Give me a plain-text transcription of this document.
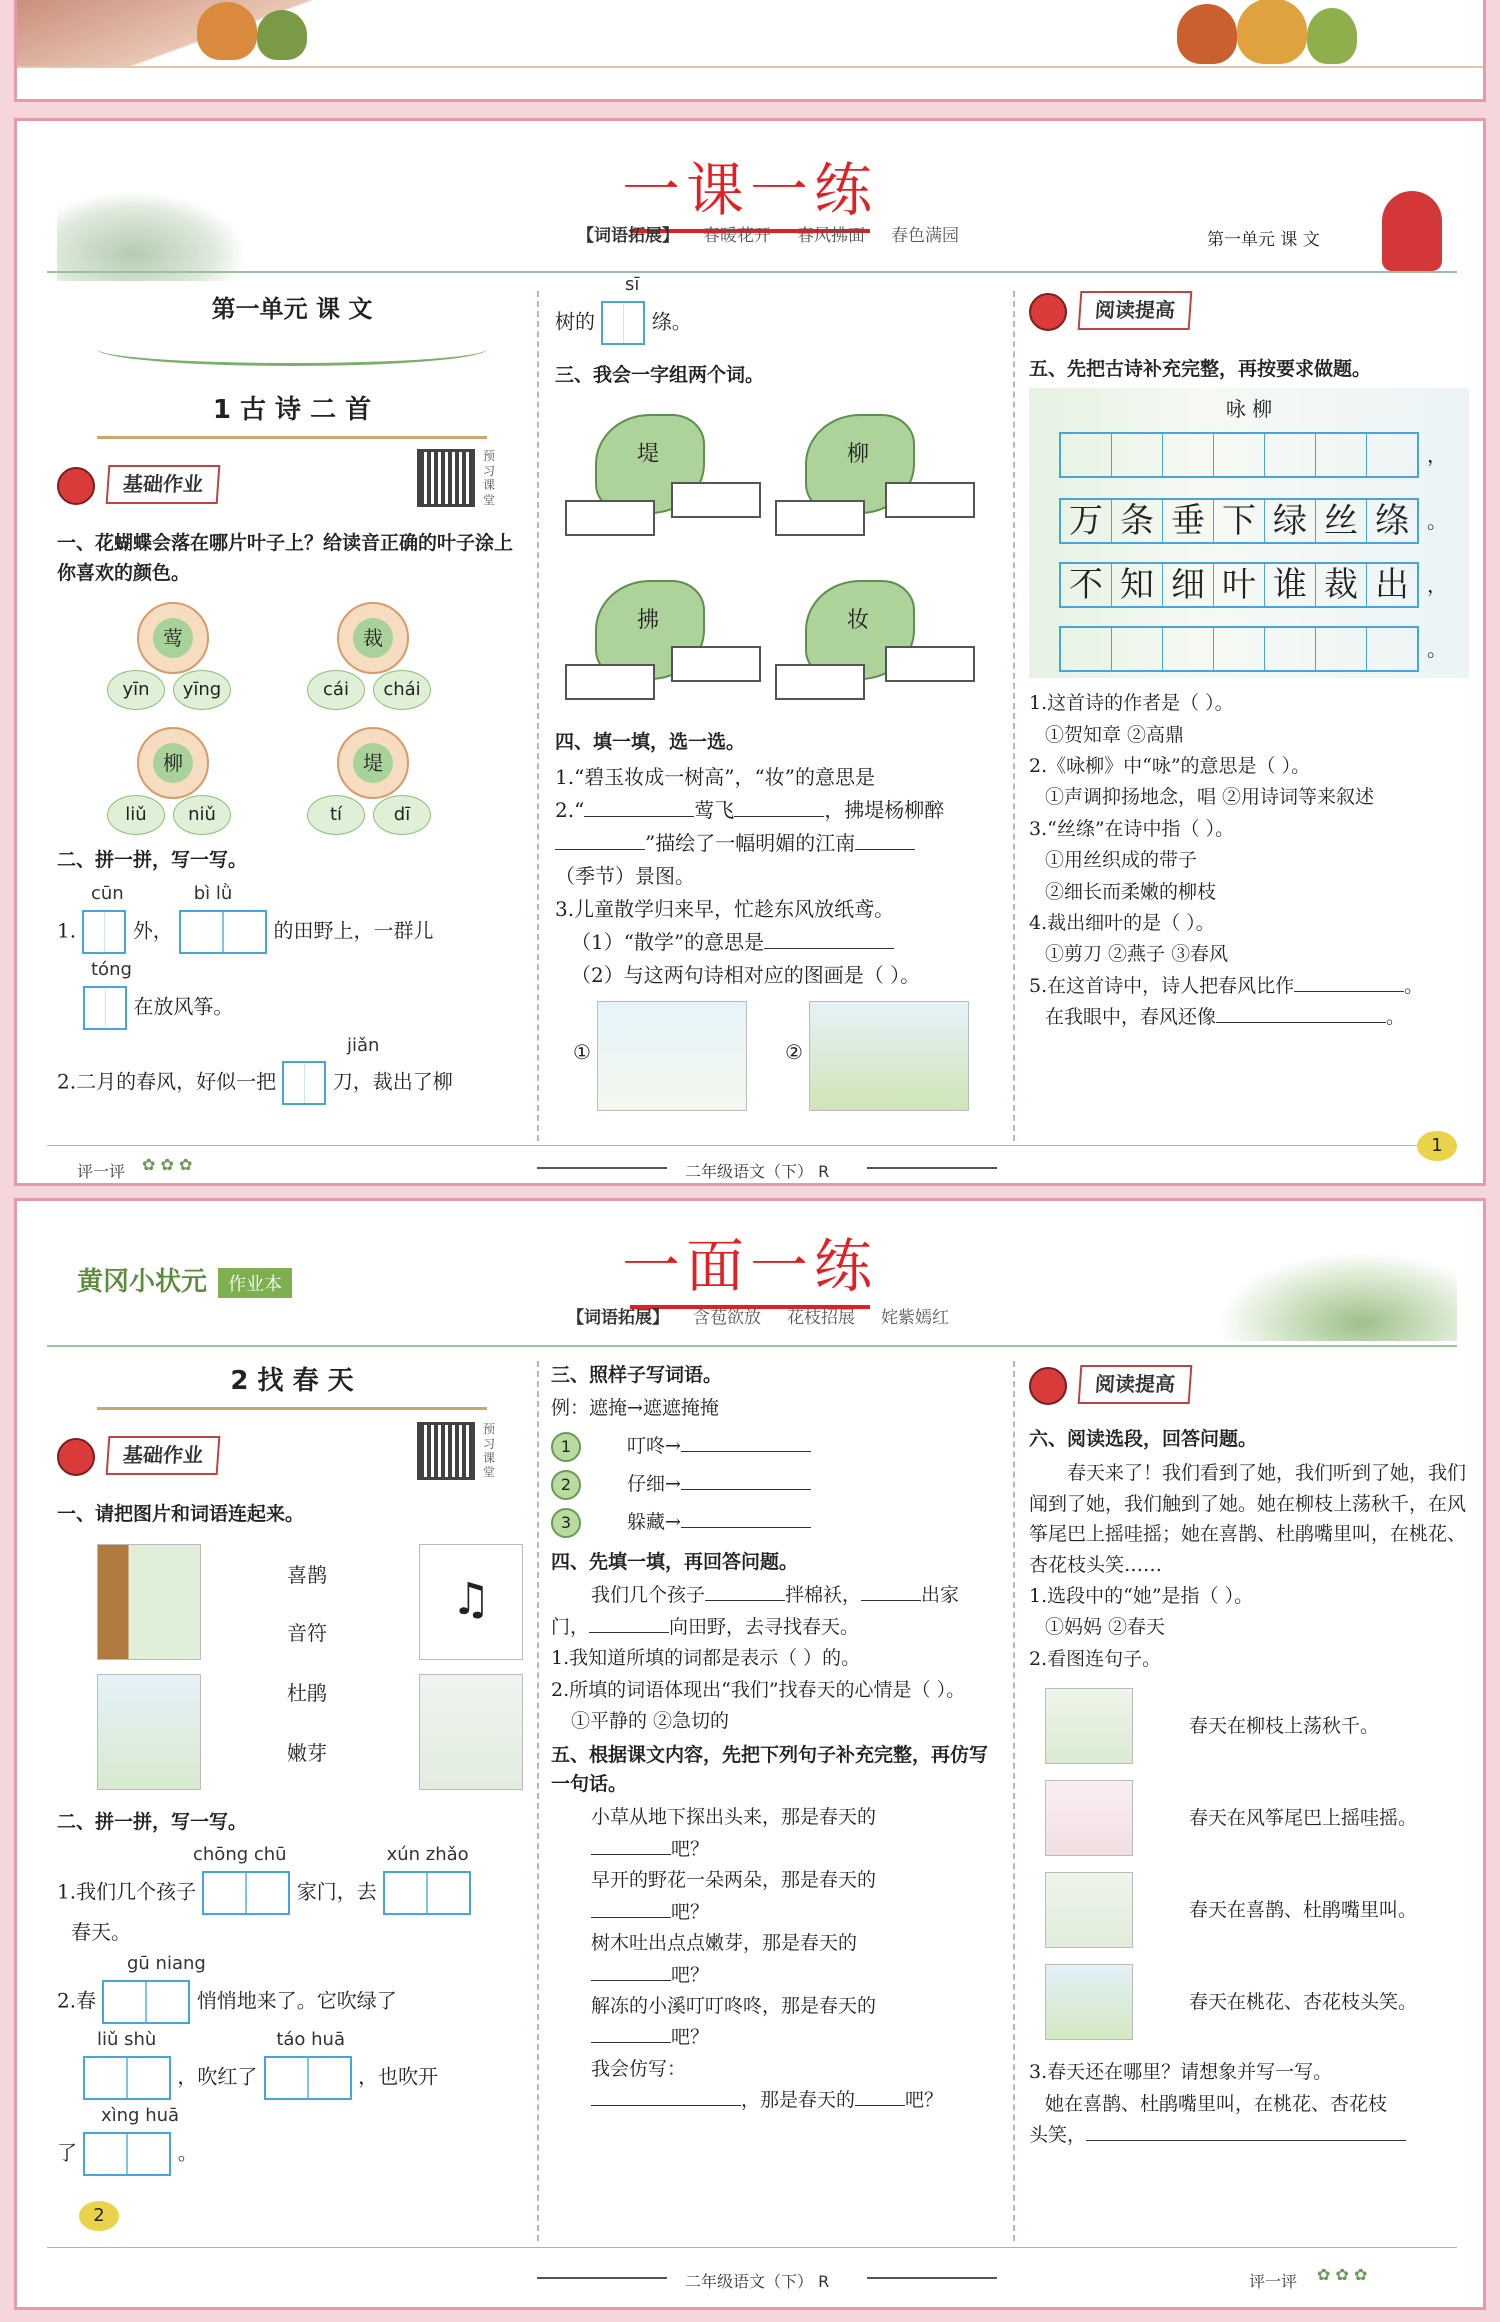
一课一练
【词语拓展】 春暖花开 春风拂面 春色满园	第一单元 课 文
第一单元 课 文
1 古 诗 二 首
基础作业
预习课堂
一、花蝴蝶会落在哪片叶子上？给读音正确的叶子涂上你喜欢的颜色。
莺
yīn	yīng
裁
cái	chái
柳
liǔ	niǔ
堤
tí	dī
二、拼一拼，写一写。
cūn	bì lǜ
1.	外，	的田野上，一群儿
tóng
在放风筝。
jiǎn
2.二月的春风，好似一把	刀，裁出了柳
sī
树的	绦。
三、我会一字组两个词。
堤	柳
拂	妆
四、填一填，选一选。
1.“碧玉妆成一树高”，“妆”的意思是
2.“	莺飞	，拂堤杨柳醉
”描绘了一幅明媚的江南
（季节）景图。
3.儿童散学归来早，忙趁东风放纸鸢。
（1）“散学”的意思是
（2）与这两句诗相对应的图画是（ ）。
①	②
阅读提高
五、先把古诗补充完整，再按要求做题。
咏 柳
，
万 条 垂 下 绿 丝 绦 。
不 知 细 叶 谁 裁 出 ，
。
1.这首诗的作者是（ ）。
①贺知章 ②高鼎
2.《咏柳》中“咏”的意思是（ ）。
①声调抑扬地念，唱 ②用诗词等来叙述
3.“丝绦”在诗中指（ ）。
①用丝织成的带子
②细长而柔嫩的柳枝
4.裁出细叶的是（ ）。
①剪刀 ②燕子 ③春风
5.在这首诗中，诗人把春风比作	。
在我眼中，春风还像	。
评一评 ✿ ✿ ✿	二年级语文（下） R
1
一面一练
黄冈小状元 作业本
【词语拓展】 含苞欲放 花枝招展 姹紫嫣红
2 找 春 天
基础作业
预习课堂
一、请把图片和词语连起来。
♫
喜鹊
音符
杜鹃
嫩芽
二、拼一拼，写一写。
chōng chū	xún zhǎo
1.我们几个孩子	家门，去
春天。
gū niang
2.春	悄悄地来了。它吹绿了
liǔ shù	táo huā
，吹红了	，也吹开
xìng huā
了	。
三、照样子写词语。
例：遮掩→遮遮掩掩
1	叮咚→
2	仔细→
3	躲藏→
四、先填一填，再回答问题。
我们几个孩子	拌棉袄，	出家
门，	向田野，去寻找春天。
1.我知道所填的词都是表示（ ）的。
2.所填的词语体现出“我们”找春天的心情是（ ）。
①平静的 ②急切的
五、根据课文内容，先把下列句子补充完整，再仿写一句话。
小草从地下探出头来，那是春天的
吧？
早开的野花一朵两朵，那是春天的
吧？
树木吐出点点嫩芽，那是春天的
吧？
解冻的小溪叮叮咚咚，那是春天的
吧？
我会仿写：
，那是春天的	吧？
阅读提高
六、阅读选段，回答问题。
春天来了！我们看到了她，我们听到了她，我们闻到了她，我们触到了她。她在柳枝上荡秋千，在风筝尾巴上摇哇摇；她在喜鹊、杜鹃嘴里叫，在桃花、杏花枝头笑……
1.选段中的“她”是指（ ）。
①妈妈 ②春天
2.看图连句子。
春天在柳枝上荡秋千。
春天在风筝尾巴上摇哇摇。
春天在喜鹊、杜鹃嘴里叫。
春天在桃花、杏花枝头笑。
3.春天还在哪里？请想象并写一写。
她在喜鹊、杜鹃嘴里叫，在桃花、杏花枝
头笑，
2
二年级语文（下） R	评一评 ✿ ✿ ✿
